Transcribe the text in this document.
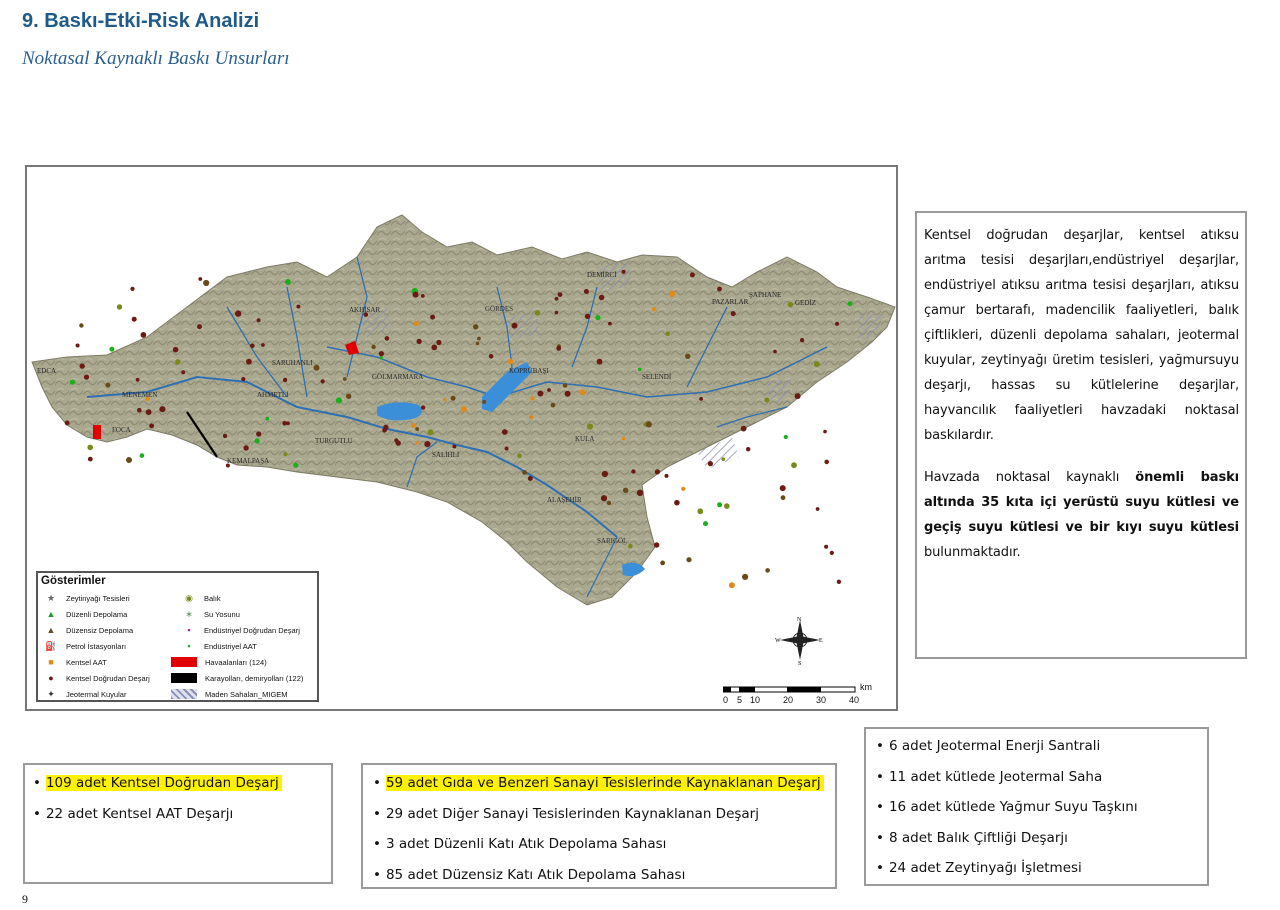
9. Baskı-Etki-Risk Analizi
Noktasal Kaynaklı Baskı Unsurları
EDCA
MENEMEN
FOCA
AKHİSAR	GÖRDES
DEMİRCİ
ŞAPHANE
GEDİZ
PAZARLAR
SARUHANLI
GÖLMARMARA
KÖPRÜBAŞI
SELENDİ
SALİHLİ
TURGUTLU
KEMALPAŞA
KULA
ALAŞEHİR
SARIGÖL
AHMETLİ
N
S
E
W
km
0 5 10	20	30	40
Gösterimler
★	Zeytinyağı Tesisleri
▲	Düzenli Depolama
▲	Düzensiz Depolama
⛽	Petrol İstasyonları
■	Kentsel AAT
●	Kentsel Doğrudan Deşarj
✦	Jeotermal Kuyular
◉	Balık
∗	Su Yosunu
▪	Endüstriyel Doğrudan Deşarj
▪	Endüstriyel AAT
Havaalanları (124)
Karayolları, demiryolları (122)
Maden Sahaları_MIGEM

Kentsel doğrudan deşarjlar, kentsel atıksu arıtma tesisi deşarjları,endüstriyel deşarjlar, endüstriyel atıksu arıtma tesisi deşarjları, atıksu çamur bertarafı, madencilik faaliyetleri, balık çiftlikleri, düzenli depolama sahaları, jeotermal kuyular, zeytinyağı üretim tesisleri, yağmursuyu deşarjı, hassas su kütlelerine deşarjlar, hayvancılık faaliyetleri havzadaki noktasal baskılardır.

Havzada noktasal kaynaklı önemli baskı altında 35 kıta içi yerüstü suyu kütlesi ve geçiş suyu kütlesi ve bir kıyı suyu kütlesi bulunmaktadır.

• 109 adet Kentsel Doğrudan Deşarj
• 22 adet Kentsel AAT Deşarjı
• 59 adet Gıda ve Benzeri Sanayi Tesislerinde Kaynaklanan Deşarj
• 29 adet Diğer Sanayi Tesislerinden Kaynaklanan Deşarj
• 3 adet Düzenli Katı Atık Depolama Sahası
• 85 adet Düzensiz Katı Atık Depolama Sahası
• 6 adet Jeotermal Enerji Santrali
• 11 adet kütlede Jeotermal Saha
• 16 adet kütlede Yağmur Suyu Taşkını
• 8 adet Balık Çiftliği Deşarjı
• 24 adet Zeytinyağı İşletmesi
9
